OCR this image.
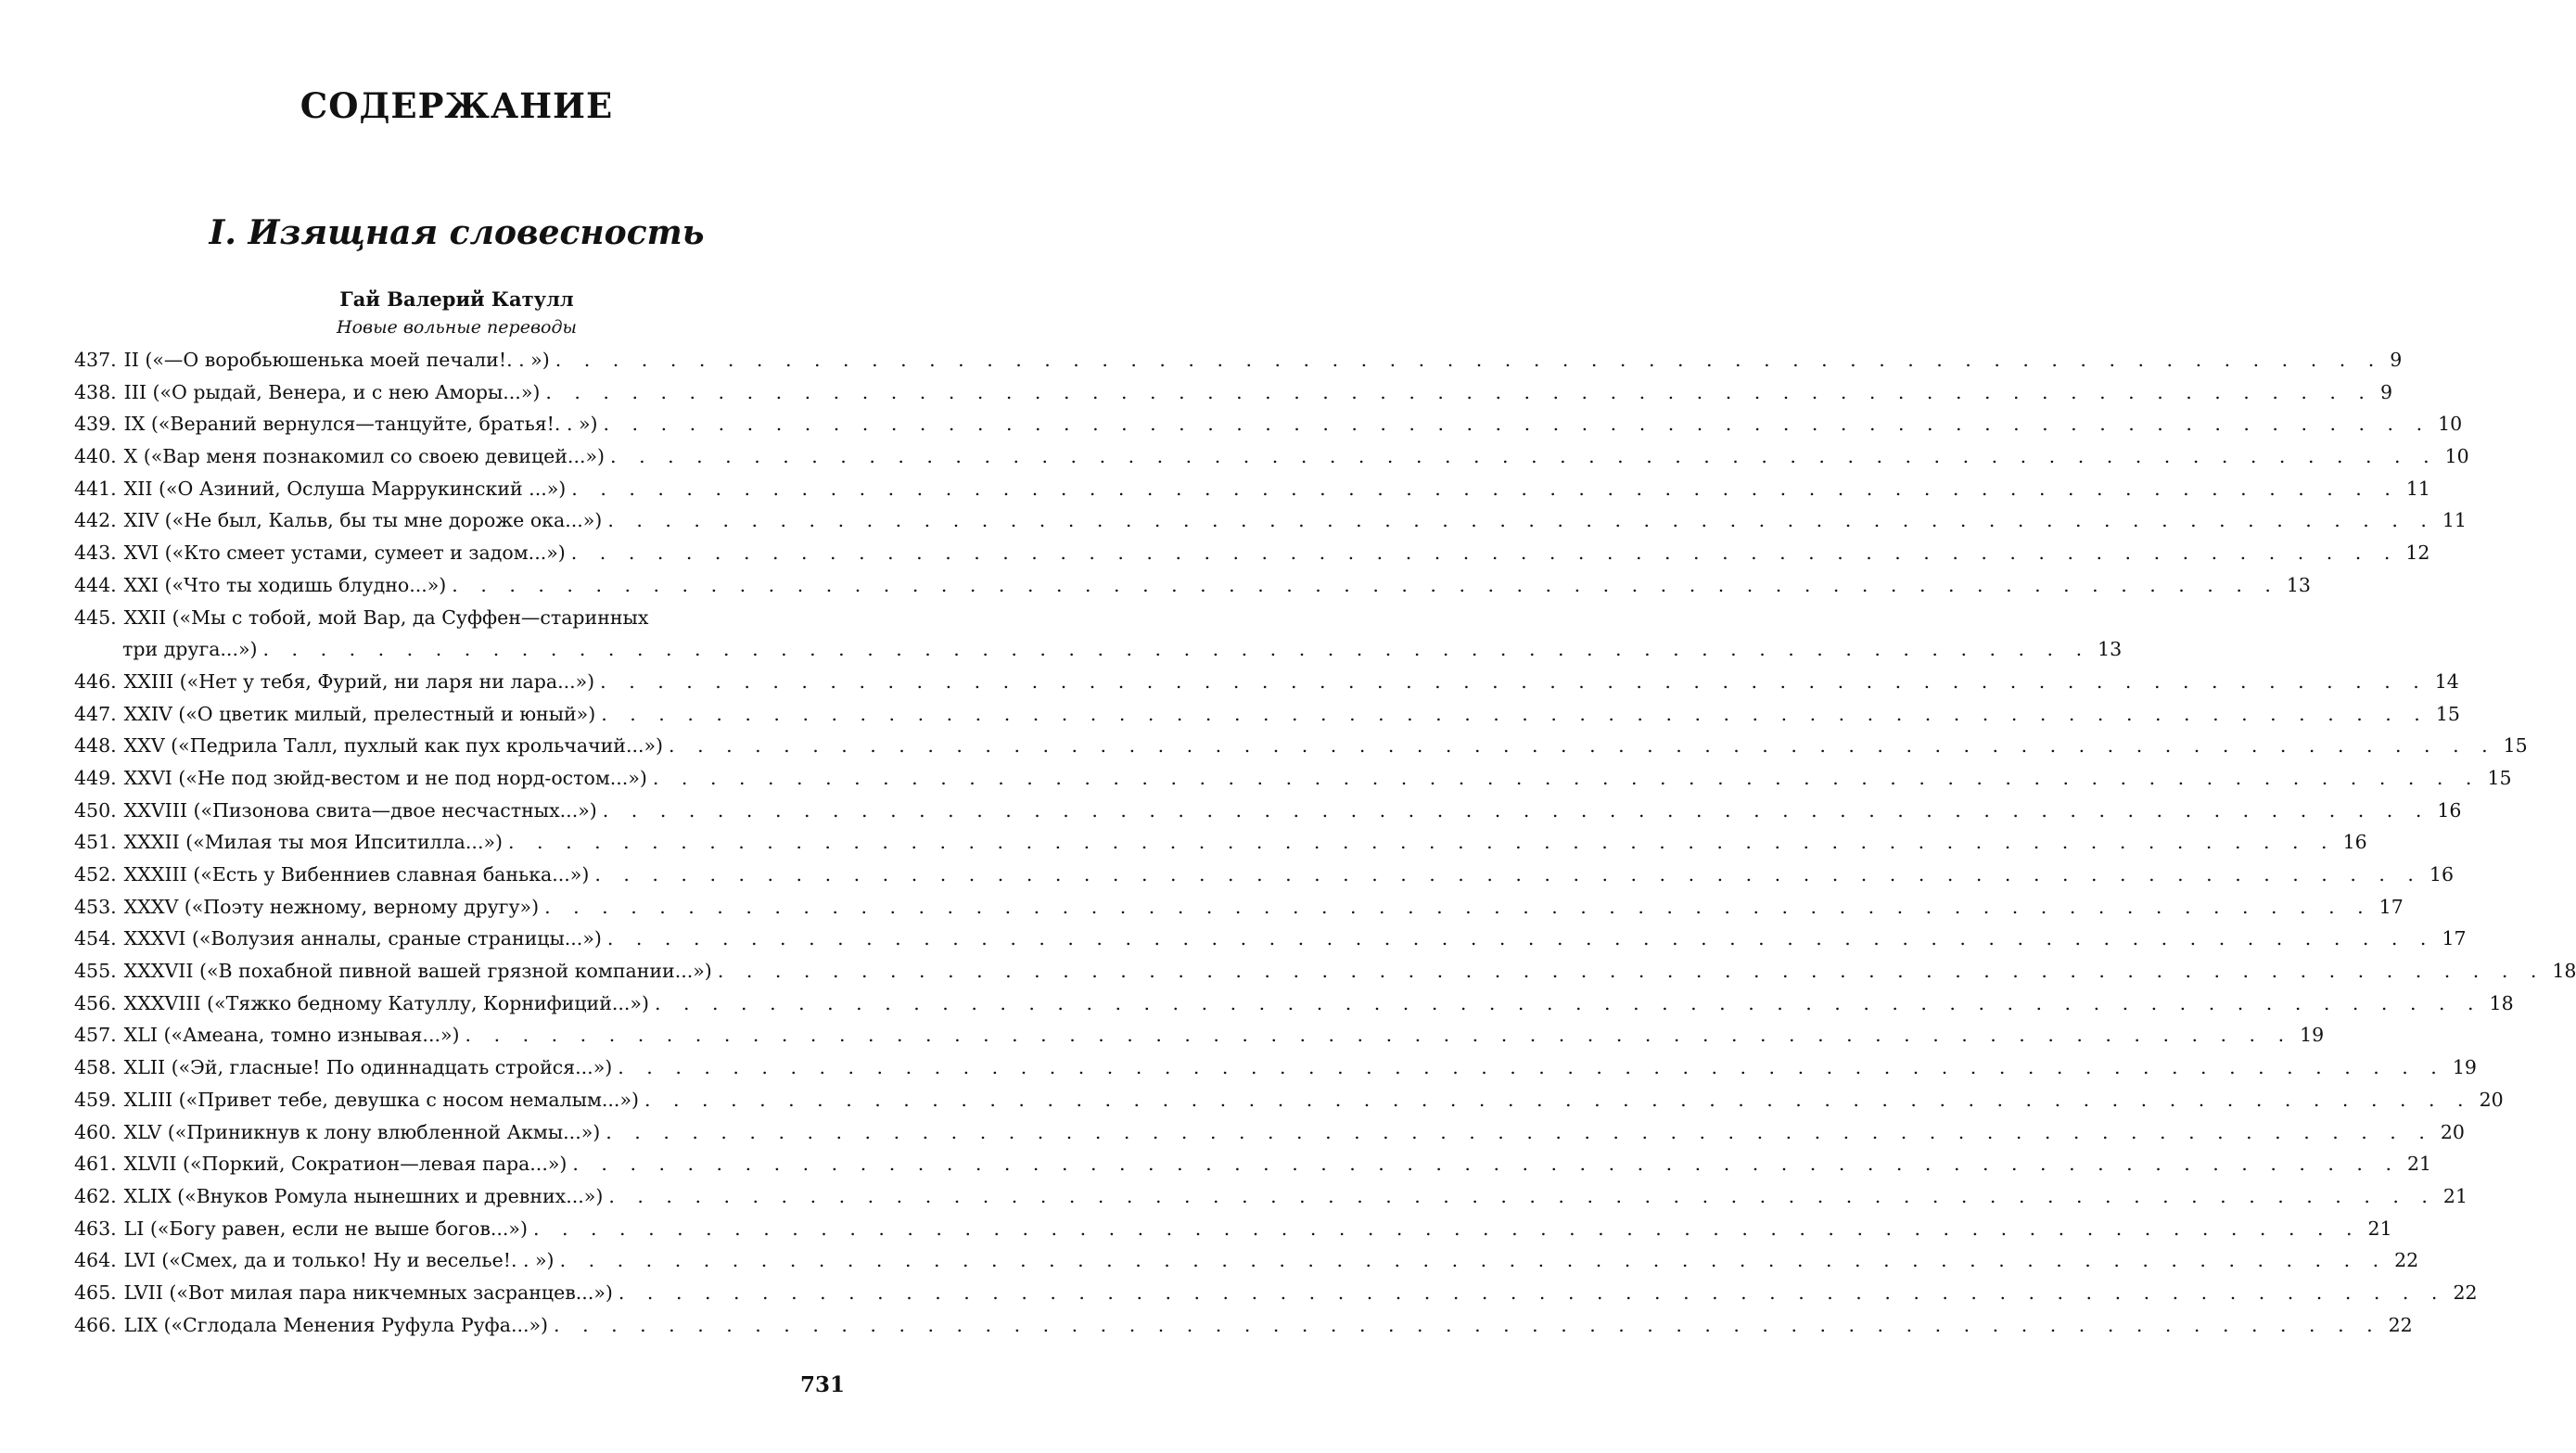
СОДЕРЖАНИЕ
I. Изящная словесность
Гай Валерий Катулл
Новые вольные переводы
437. II («—О воробьюшенька моей печали!. . ») . . .	9
438. III («О рыдай, Венера, и с нею Аморы...») . . .	9
439. IX («Вераний вернулся—танцуйте, братья!. . ») . . .	10
440. X («Вар меня познакомил со своею девицей...») . . .	10
441. XII («О Азиний, Ослуша Маррукинский ...») . . .	11
442. XIV («Не был, Кальв, бы ты мне дороже ока...») . . .	11
443. XVI («Кто смеет устами, сумеет и задом...») . . .	12
444. XXI («Что ты ходишь блудно...») . . .	13
445. XXII («Мы с тобой, мой Вар, да Суффен—старинных
три друга...») . . .	13
446. XXIII («Нет у тебя, Фурий, ни ларя ни лара...») . . .	14
447. XXIV («О цветик милый, прелестный и юный») . . .	15
448. XXV («Педрила Талл, пухлый как пух крольчачий...») . . .	15
449. XXVI («Не под зюйд-вестом и не под норд-остом...») . . .	15
450. XXVIII («Пизонова свита—двое несчастных...») . . .	16
451. XXXII («Милая ты моя Ипситилла...») . . .	16
452. XXXIII («Есть у Вибенниев славная банька...») . . .	16
453. XXXV («Поэту нежному, верному другу») . . .	17
454. XXXVI («Волузия анналы, сраные страницы...») . . .	17
455. XXXVII («В похабной пивной вашей грязной компании...») . . .	18
456. XXXVIII («Тяжко бедному Катуллу, Корнифиций...») . . .	18
457. XLI («Амеана, томно изнывая...») . . .	19
458. XLII («Эй, гласные! По одиннадцать стройся...») . . .	19
459. XLIII («Привет тебе, девушка с носом немалым...») . . .	20
460. XLV («Приникнув к лону влюбленной Акмы...») . . .	20
461. XLVII («Поркий, Сократион—левая пара...») . . .	21
462. XLIX («Внуков Ромула нынешних и древних...») . . .	21
463. LI («Богу равен, если не выше богов...») . . .	21
464. LVI («Смех, да и только! Ну и веселье!. . ») . . .	22
465. LVII («Вот милая пара никчемных засранцев...») . . .	22
466. LIX («Сглодала Менения Руфула Руфа...») . . .	22
731
